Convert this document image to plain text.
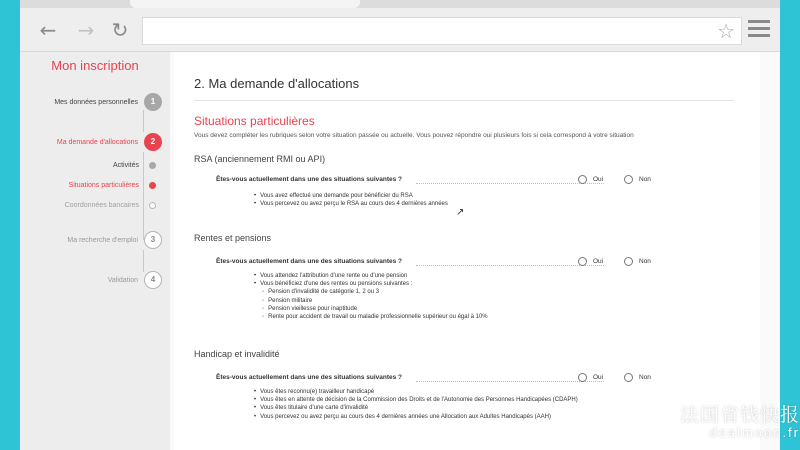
← → ↻	☆
Mon inscription
Mes données personnelles	1
Ma demande d'allocations	2
Activités
Situations particulières
Coordonnées bancaires
Ma recherche d'emploi	3
Validation	4
2. Ma demande d'allocations
Situations particulières
Vous devez compléter les rubriques selon votre situation passée ou actuelle. Vous pouvez répondre oui plusieurs fois si cela correspond à votre situation
RSA (anciennement RMI ou API)
Êtes-vous actuellement dans une des situations suivantes ?	Oui	Non
• Vous avez effectué une demande pour bénéficier du RSA
• Vous percevez ou avez perçu le RSA au cours des 4 dernières années
Rentes et pensions
Êtes-vous actuellement dans une des situations suivantes ?	Oui	Non
• Vous attendez l'attribution d'une rente ou d'une pension
• Vous bénéficiez d'une des rentes ou pensions suivantes :
◦ Pension d'invalidité de catégorie 1, 2 ou 3
◦ Pension militaire
◦ Pension vieillesse pour inaptitude
◦ Rente pour accident de travail ou maladie professionnelle supérieur ou égal à 10%
Handicap et invalidité
Êtes-vous actuellement dans une des situations suivantes ?	Oui	Non
• Vous êtes reconnu(e) travailleur handicapé
• Vous êtes en attente de décision de la Commission des Droits et de l'Autonomie des Personnes Handicapées (CDAPH)
• Vous êtes titulaire d'une carte d'invalidité
• Vous percevez ou avez perçu au cours des 4 dernières années une Allocation aux Adultes Handicapés (AAH)
↗
法国省钱快报
dealmoon.fr
